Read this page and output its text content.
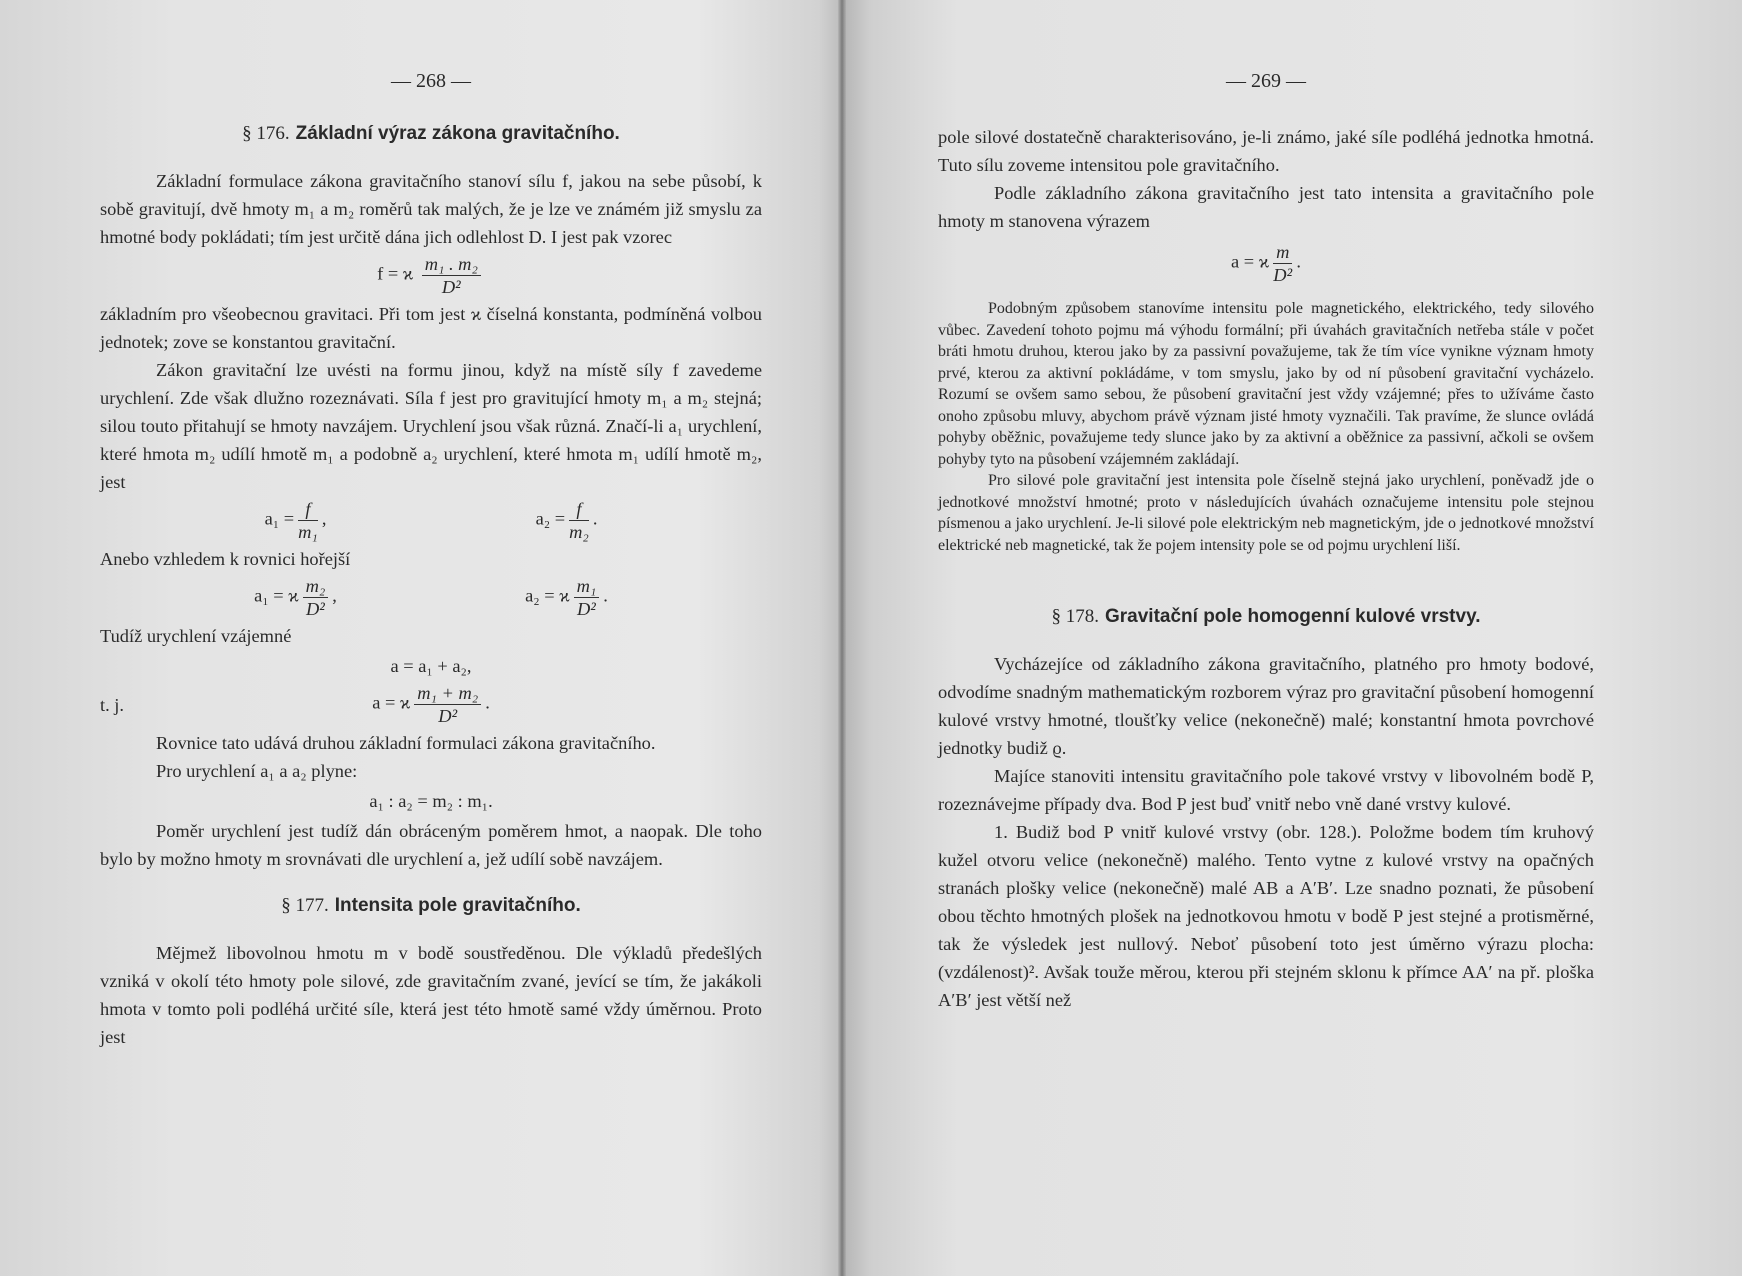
— 268 —
§ 176. Základní výraz zákona gravitačního.

Základní formulace zákona gravitačního stanoví sílu f, jakou na sebe působí, k sobě gravitují, dvě hmoty m₁ a m₂ roměrů tak malých, že je lze ve známém již smyslu za hmotné body pokládati; tím jest určitě dána jich odlehlost D. I jest pak vzorec

f = ϰ $\frac{\text{m₁ . m₂}}{\text{D²}}$

základním pro všeobecnou gravitaci. Při tom jest ϰ číselná konstanta, podmíněná volbou jednotek; zove se konstantou gravitační.

Zákon gravitační lze uvésti na formu jinou, když na místě síly f zavedeme urychlení. Zde však dlužno rozeznávati. Síla f jest pro gravitující hmoty m₁ a m₂ stejná; silou touto přitahují se hmoty navzájem. Urychlení jsou však různá. Značí-li a₁ urychlení, které hmota m₂ udílí hmotě m₁ a podobně a₂ urychlení, které hmota m₁ udílí hmotě m₂, jest

$a_1 = \frac{f}{\text{m₁}}$ ,	$a_2 = \frac{f}{\text{m₂}}$ .

Anebo vzhledem k rovnici hořejší

a₁ = ϰ $\frac{\text{m₂}}{\text{D²}}$ ,	a₂ = ϰ $\frac{\text{m₁}}{\text{D²}}$ .

Tudíž urychlení vzájemné

a = a₁ + a₂,
t. j.	a = ϰ $\frac{\text{m₁ + m₂}}{\text{D²}}$ .

Rovnice tato udává druhou základní formulaci zákona gravitačního.

Pro urychlení a₁ a a₂ plyne:

a₁ : a₂ = m₂ : m₁.

Poměr urychlení jest tudíž dán obráceným poměrem hmot, a naopak. Dle toho bylo by možno hmoty m srovnávati dle urychlení a, jež udílí sobě navzájem.

§ 177. Intensita pole gravitačního.

Mějmež libovolnou hmotu m v bodě soustředěnou. Dle výkladů předešlých vzniká v okolí této hmoty pole silové, zde gravitačním zvané, jevící se tím, že jakákoli hmota v tomto poli podléhá určité síle, která jest této hmotě samé vždy úměrnou. Proto jest

— 269 —

pole silové dostatečně charakterisováno, je-li známo, jaké síle podléhá jednotka hmotná. Tuto sílu zoveme intensitou pole gravitačního.

Podle základního zákona gravitačního jest tato intensita a gravitačního pole hmoty m stanovena výrazem

a = ϰ $\frac{m}{\text{D²}}$ .

Podobným způsobem stanovíme intensitu pole magnetického, elektrického, tedy silového vůbec. Zavedení tohoto pojmu má výhodu formální; při úvahách gravitačních netřeba stále v počet bráti hmotu druhou, kterou jako by za passivní považujeme, tak že tím více vynikne význam hmoty prvé, kterou za aktivní pokládáme, v tom smyslu, jako by od ní působení gravitační vycházelo. Rozumí se ovšem samo sebou, že působení gravitační jest vždy vzájemné; přes to užíváme často onoho způsobu mluvy, abychom právě význam jisté hmoty vyznačili. Tak pravíme, že slunce ovládá pohyby oběžnic, považujeme tedy slunce jako by za aktivní a oběžnice za passivní, ačkoli se ovšem pohyby tyto na působení vzájemném zakládají.

Pro silové pole gravitační jest intensita pole číselně stejná jako urychlení, poněvadž jde o jednotkové množství hmotné; proto v následujících úvahách označujeme intensitu pole stejnou písmenou a jako urychlení. Je-li silové pole elektrickým neb magnetickým, jde o jednotkové množství elektrické neb magnetické, tak že pojem intensity pole se od pojmu urychlení liší.

§ 178. Gravitační pole homogenní kulové vrstvy.

Vycházejíce od základního zákona gravitačního, platného pro hmoty bodové, odvodíme snadným mathematickým rozborem výraz pro gravitační působení homogenní kulové vrstvy hmotné, tloušťky velice (nekonečně) malé; konstantní hmota povrchové jednotky budiž ϱ.

Majíce stanoviti intensitu gravitačního pole takové vrstvy v libovolném bodě P, rozeznávejme případy dva. Bod P jest buď vnitř nebo vně dané vrstvy kulové.

1. Budiž bod P vnitř kulové vrstvy (obr. 128.). Položme bodem tím kruhový kužel otvoru velice (nekonečně) malého. Tento vytne z kulové vrstvy na opačných stranách plošky velice (nekonečně) malé AB a A′B′. Lze snadno poznati, že působení obou těchto hmotných plošek na jednotkovou hmotu v bodě P jest stejné a protisměrné, tak že výsledek jest nullový. Neboť působení toto jest úměrno výrazu plocha: (vzdálenost)². Avšak touže měrou, kterou při stejném sklonu k přímce AA′ na př. ploška A′B′ jest větší než
